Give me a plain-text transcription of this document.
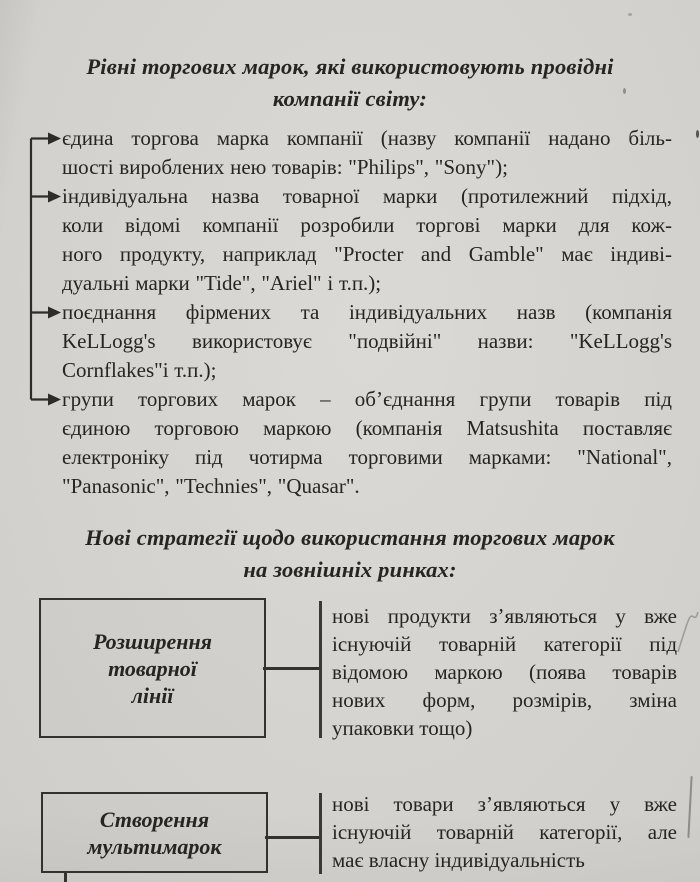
Рівні торгових марок, які використовують провідні
компанії світу:

єдина торгова марка компанії (назву компанії надано біль-
шості вироблених нею товарів: "Philips", "Sony");

індивідуальна назва товарної марки (протилежний підхід,
коли відомі компанії розробили торгові марки для кож-
ного продукту, наприклад "Procter and Gamble" має індиві-
дуальні марки "Tide", "Ariel" і т.п.);

поєднання фірмених та індивідуальних назв (компанія
KeLLogg's використовує "подвійні" назви: "KeLLogg's
Cornflakes"і т.п.);

групи торгових марок – об’єднання групи товарів під
єдиною торговою маркою (компанія Matsushita поставляє
електроніку під чотирма торговими марками: "National",
"Panasonic", "Technies", "Quasar".

Нові стратегії щодо використання торгових марок
на зовнішніх ринках:
Розширення
товарної
лінії
нові продукти з’являються у вже
існуючій товарній категорії під
відомою маркою (поява товарів
нових форм, розмірів, зміна
упаковки тощо)
Створення
мультимарок
нові товари з’являються у вже
існуючій товарній категорії, але
має власну індивідуальність
